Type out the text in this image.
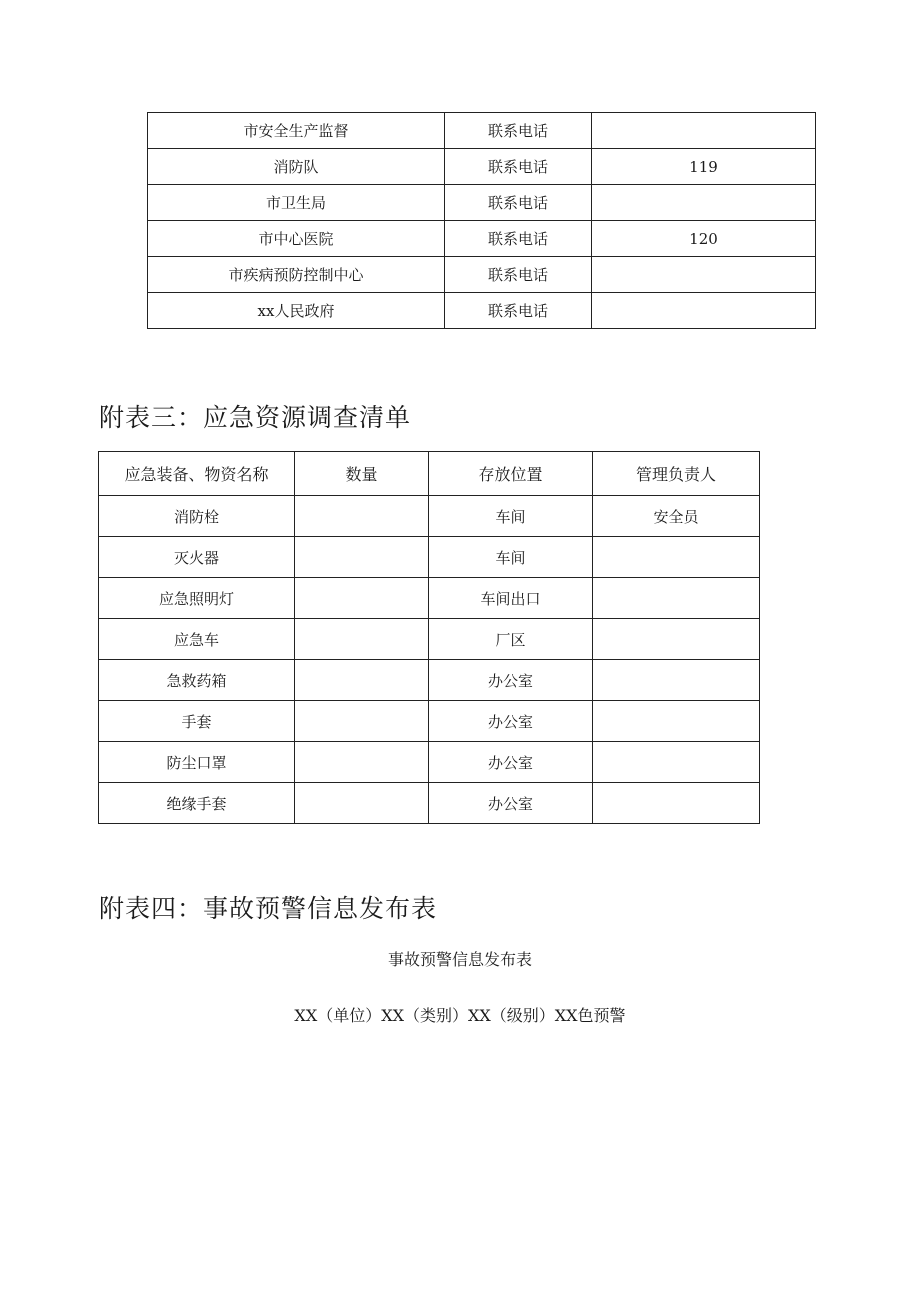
市安全生产监督	联系电话	
消防队	联系电话	119
市卫生局	联系电话	
市中心医院	联系电话	120
市疾病预防控制中心	联系电话	
xx人民政府	联系电话	
附表三：应急资源调查清单
应急装备、物资名称	数量	存放位置	管理负责人
消防栓		车间	安全员
灭火器		车间	
应急照明灯		车间出口	
应急车		厂区	
急救药箱		办公室	
手套		办公室	
防尘口罩		办公室	
绝缘手套		办公室	
附表四：事故预警信息发布表
事故预警信息发布表
XX（单位）XX（类别）XX（级别）XX色预警
